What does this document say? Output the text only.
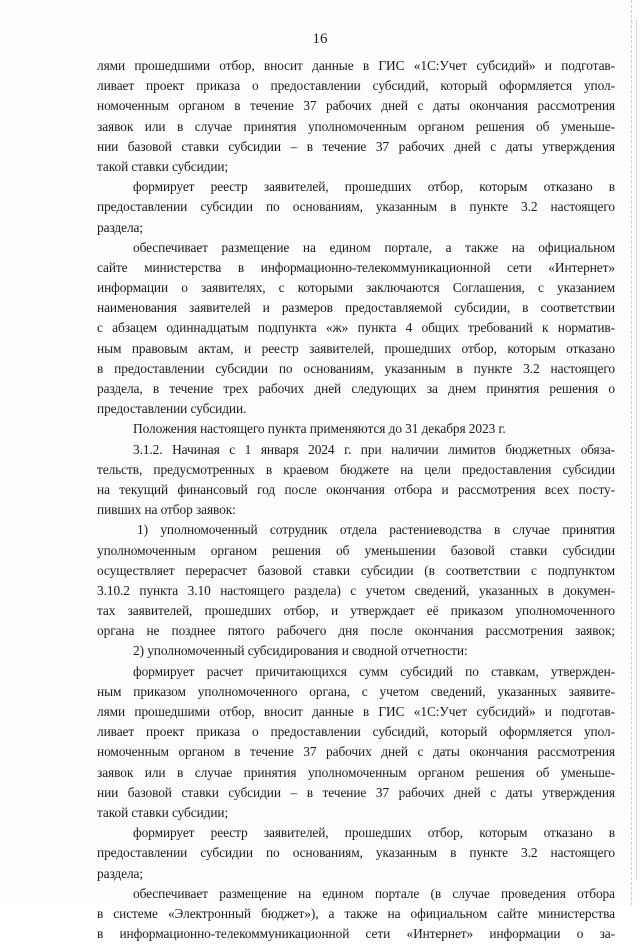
16
лями прошедшими отбор, вносит данные в ГИС «1С:Учет субсидий» и подготав-
ливает проект приказа о предоставлении субсидий, который оформляется упол-
номоченным органом в течение 37 рабочих дней с даты окончания рассмотрения
заявок или в случае принятия уполномоченным органом решения об уменьше-
нии базовой ставки субсидии – в течение 37 рабочих дней с даты утверждения
такой ставки субсидии;
формирует реестр заявителей, прошедших отбор, которым отказано в
предоставлении субсидии по основаниям, указанным в пункте 3.2 настоящего
раздела;
обеспечивает размещение на едином портале, а также на официальном
сайте министерства в информационно-телекоммуникационной сети «Интернет»
информации о заявителях, с которыми заключаются Соглашения, с указанием
наименования заявителей и размеров предоставляемой субсидии, в соответствии
с абзацем одиннадцатым подпункта «ж» пункта 4 общих требований к норматив-
ным правовым актам, и реестр заявителей, прошедших отбор, которым отказано
в предоставлении субсидии по основаниям, указанным в пункте 3.2 настоящего
раздела, в течение трех рабочих дней следующих за днем принятия решения о
предоставлении субсидии.
Положения настоящего пункта применяются до 31 декабря 2023 г.
3.1.2. Начиная с 1 января 2024 г. при наличии лимитов бюджетных обяза-
тельств, предусмотренных в краевом бюджете на цели предоставления субсидии
на текущий финансовый год после окончания отбора и рассмотрения всех посту-
пивших на отбор заявок:
1) уполномоченный сотрудник отдела растениеводства в случае принятия
уполномоченным органом решения об уменьшении базовой ставки субсидии
осуществляет перерасчет базовой ставки субсидии (в соответствии с подпунктом
3.10.2 пункта 3.10 настоящего раздела) с учетом сведений, указанных в докумен-
тах заявителей, прошедших отбор, и утверждает её приказом уполномоченного
органа не позднее пятого рабочего дня после окончания рассмотрения заявок;
2) уполномоченный субсидирования и сводной отчетности:
формирует расчет причитающихся сумм субсидий по ставкам, утвержден-
ным приказом уполномоченного органа, с учетом сведений, указанных заявите-
лями прошедшими отбор, вносит данные в ГИС «1С:Учет субсидий» и подготав-
ливает проект приказа о предоставлении субсидий, который оформляется упол-
номоченным органом в течение 37 рабочих дней с даты окончания рассмотрения
заявок или в случае принятия уполномоченным органом решения об уменьше-
нии базовой ставки субсидии – в течение 37 рабочих дней с даты утверждения
такой ставки субсидии;
формирует реестр заявителей, прошедших отбор, которым отказано в
предоставлении субсидии по основаниям, указанным в пункте 3.2 настоящего
раздела;
обеспечивает размещение на едином портале (в случае проведения отбора
в системе «Электронный бюджет»), а также на официальном сайте министерства
в информационно-телекоммуникационной сети «Интернет» информации о за-
